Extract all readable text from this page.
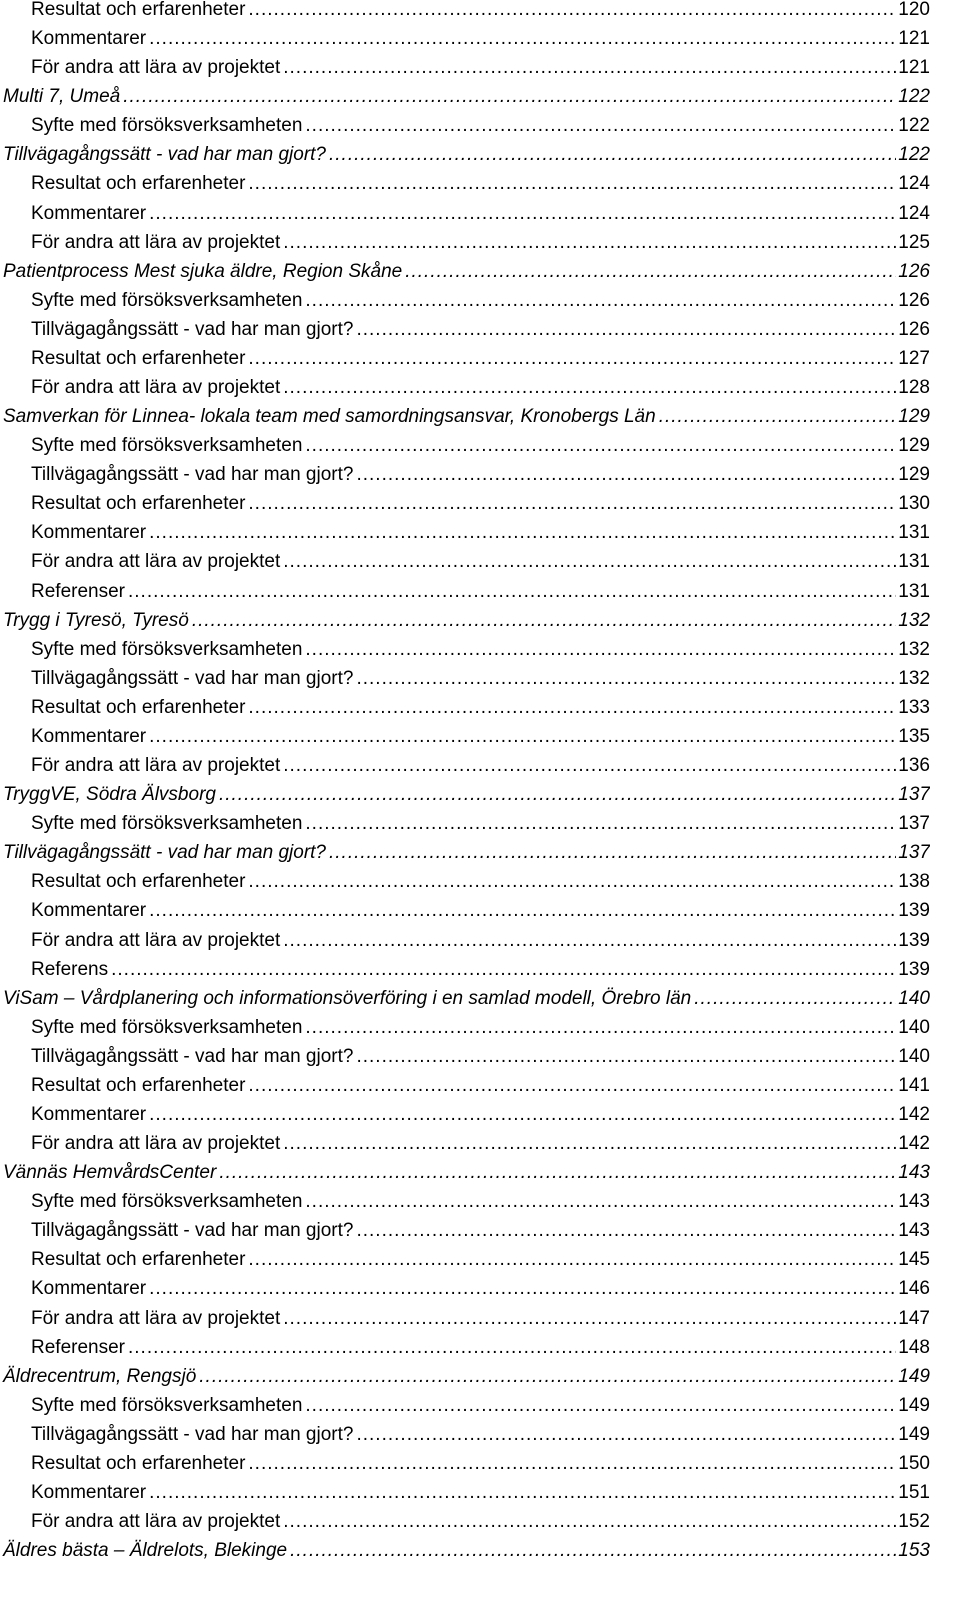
Resultat och erfarenheter .....	120
Kommentarer .....	121
För andra att lära av projektet .....	121
Multi 7, Umeå .....	122
Syfte med försöksverksamheten .....	122
Tillvägagångssätt - vad har man gjort? .....	122
Resultat och erfarenheter .....	124
Kommentarer .....	124
För andra att lära av projektet .....	125
Patientprocess Mest sjuka äldre, Region Skåne .....	126
Syfte med försöksverksamheten .....	126
Tillvägagångssätt - vad har man gjort? .....	126
Resultat och erfarenheter .....	127
För andra att lära av projektet .....	128
Samverkan för Linnea- lokala team med samordningsansvar, Kronobergs Län .....	129
Syfte med försöksverksamheten .....	129
Tillvägagångssätt - vad har man gjort? .....	129
Resultat och erfarenheter .....	130
Kommentarer .....	131
För andra att lära av projektet .....	131
Referenser .....	131
Trygg i Tyresö, Tyresö .....	132
Syfte med försöksverksamheten .....	132
Tillvägagångssätt - vad har man gjort? .....	132
Resultat och erfarenheter .....	133
Kommentarer .....	135
För andra att lära av projektet .....	136
TryggVE, Södra Älvsborg .....	137
Syfte med försöksverksamheten .....	137
Tillvägagångssätt - vad har man gjort? .....	137
Resultat och erfarenheter .....	138
Kommentarer .....	139
För andra att lära av projektet .....	139
Referens .....	139
ViSam – Vårdplanering och informationsöverföring i en samlad modell, Örebro län .....	140
Syfte med försöksverksamheten .....	140
Tillvägagångssätt - vad har man gjort? .....	140
Resultat och erfarenheter .....	141
Kommentarer .....	142
För andra att lära av projektet .....	142
Vännäs HemvårdsCenter .....	143
Syfte med försöksverksamheten .....	143
Tillvägagångssätt - vad har man gjort? .....	143
Resultat och erfarenheter .....	145
Kommentarer .....	146
För andra att lära av projektet .....	147
Referenser .....	148
Äldrecentrum, Rengsjö .....	149
Syfte med försöksverksamheten .....	149
Tillvägagångssätt - vad har man gjort? .....	149
Resultat och erfarenheter .....	150
Kommentarer .....	151
För andra att lära av projektet .....	152
Äldres bästa – Äldrelots, Blekinge .....	153
